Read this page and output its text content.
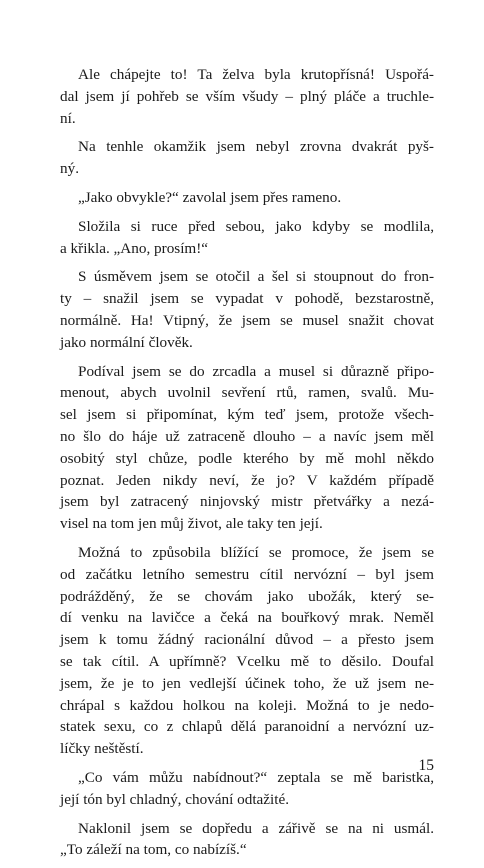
Ale chápejte to! Ta želva byla krutopřísná! Uspořá-
dal jsem jí pohřeb se vším všudy – plný pláče a truchle-
ní.

Na tenhle okamžik jsem nebyl zrovna dvakrát pyš-
ný.

„Jako obvykle?“ zavolal jsem přes rameno.

Složila si ruce před sebou, jako kdyby se modlila,
a křikla. „Ano, prosím!“

S úsměvem jsem se otočil a šel si stoupnout do fron-
ty – snažil jsem se vypadat v pohodě, bezstarostně,
normálně. Ha! Vtipný, že jsem se musel snažit chovat
jako normální člověk.

Podíval jsem se do zrcadla a musel si důrazně připo-
menout, abych uvolnil sevření rtů, ramen, svalů. Mu-
sel jsem si připomínat, kým teď jsem, protože všech-
no šlo do háje už zatraceně dlouho – a navíc jsem měl
osobitý styl chůze, podle kterého by mě mohl někdo
poznat. Jeden nikdy neví, že jo? V každém případě
jsem byl zatracený ninjovský mistr přetvářky a nezá-
visel na tom jen můj život, ale taky ten její.

Možná to způsobila blížící se promoce, že jsem se
od začátku letního semestru cítil nervózní – byl jsem
podrážděný, že se chovám jako ubožák, který se-
dí venku na lavičce a čeká na bouřkový mrak. Neměl
jsem k tomu žádný racionální důvod – a přesto jsem
se tak cítil. A upřímně? Vcelku mě to děsilo. Doufal
jsem, že je to jen vedlejší účinek toho, že už jsem ne-
chrápal s každou holkou na koleji. Možná to je nedo-
statek sexu, co z chlapů dělá paranoidní a nervózní uz-
líčky neštěstí.

„Co vám můžu nabídnout?“ zeptala se mě baristka,
její tón byl chladný, chování odtažité.

Naklonil jsem se dopředu a zářivě se na ni usmál.
„To záleží na tom, co nabízíš.“

15
